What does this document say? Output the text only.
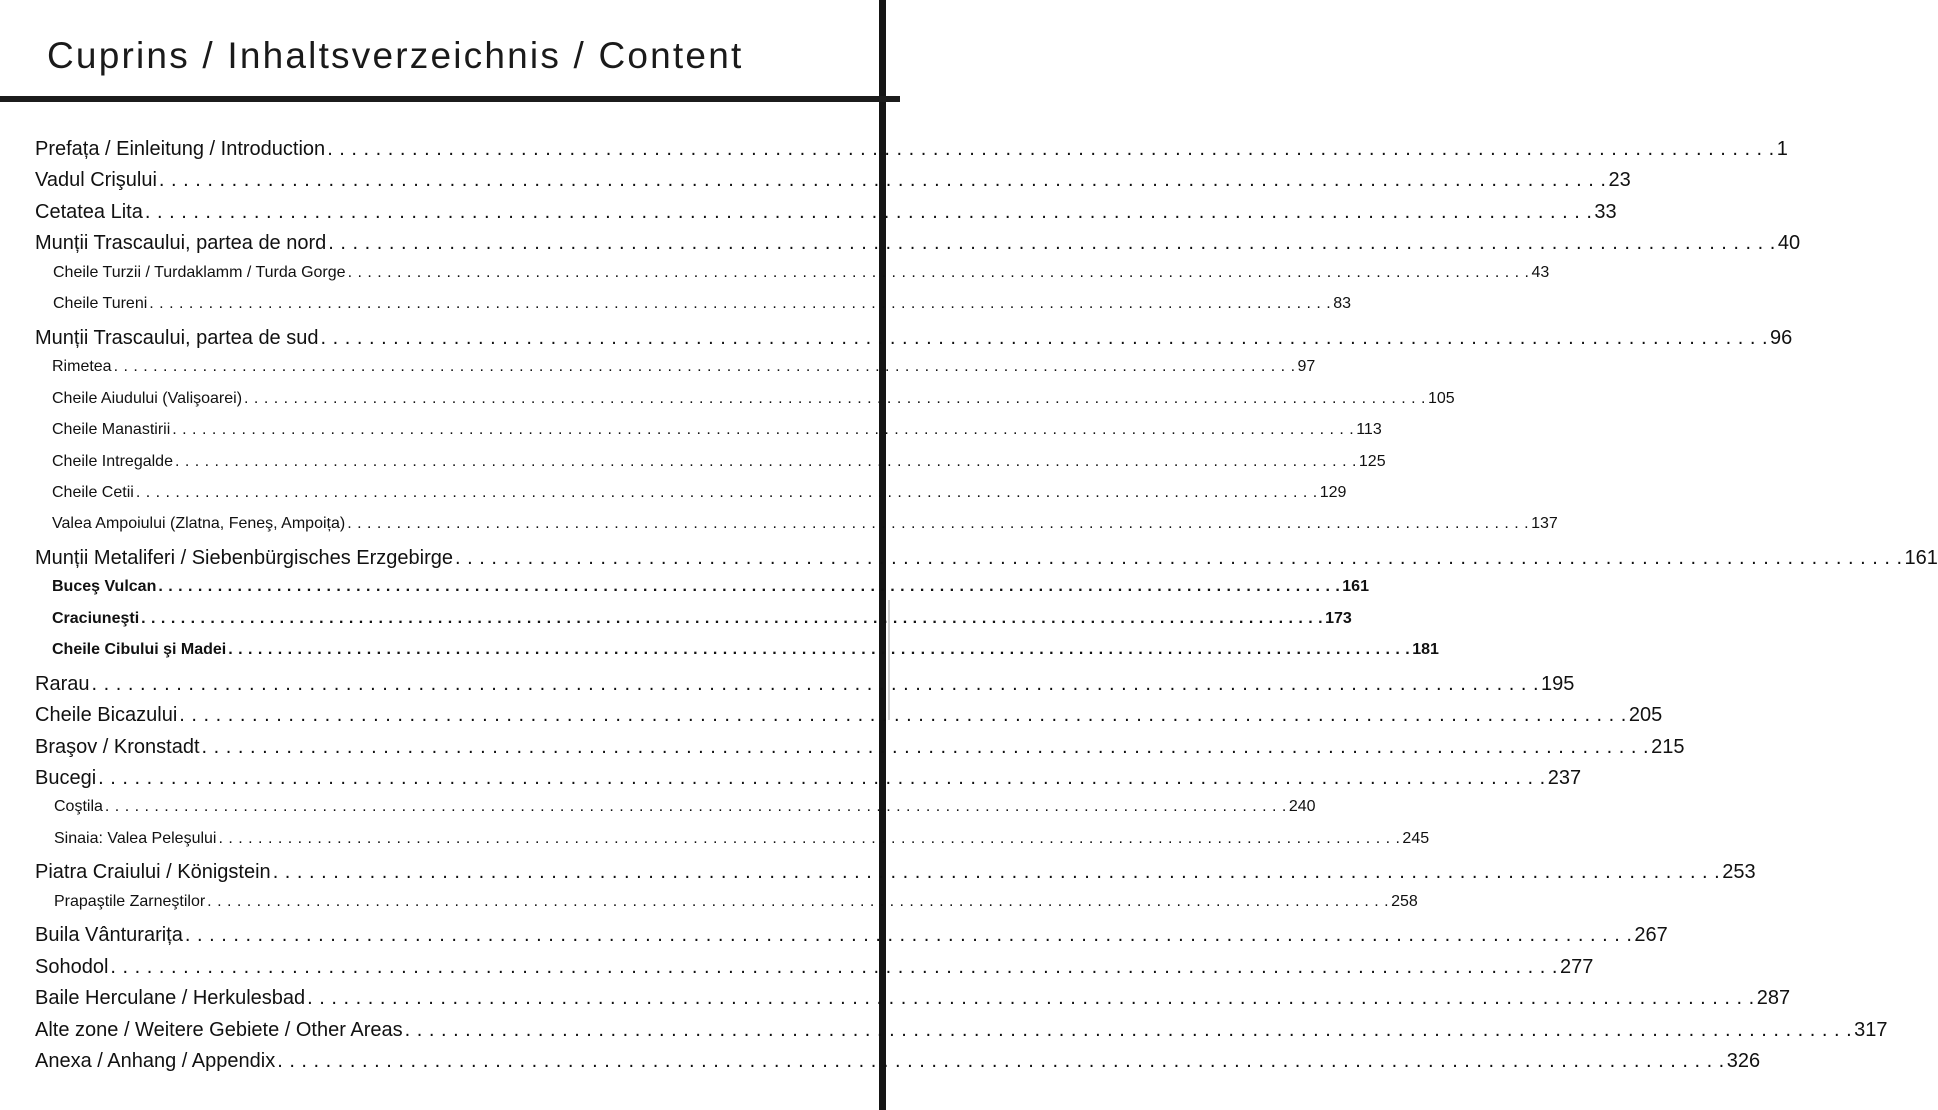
Cuprins / Inhaltsverzeichnis / Content
Prefața / Einleitung / Introduction . . . . . . . . . . . . . . . . . . . . . . . . . . . . . . . . . . . . . . . . . . . . . . . . . . . . . . . . . . . . . . . . . . . . . . . . . . . . . . . . . . . . . . . . . . . . . . . . . . . . . . . . . . . . . . . . . . . . . . . . 1
Vadul Crişului . . . . . . . . . . . . . . . . . . . . . . . . . . . . . . . . . . . . . . . . . . . . . . . . . . . . . . . . . . . . . . . . . . . . . . . . . . . . . . . . . . . . . . . . . . . . . . . . . . . . . . . . . . . . . . . . . . . . . . . . 23
Cetatea Lita . . . . . . . . . . . . . . . . . . . . . . . . . . . . . . . . . . . . . . . . . . . . . . . . . . . . . . . . . . . . . . . . . . . . . . . . . . . . . . . . . . . . . . . . . . . . . . . . . . . . . . . . . . . . . . . . . . . . . . . . 33
Munții Trascaului, partea de nord . . . . . . . . . . . . . . . . . . . . . . . . . . . . . . . . . . . . . . . . . . . . . . . . . . . . . . . . . . . . . . . . . . . . . . . . . . . . . . . . . . . . . . . . . . . . . . . . . . . . . . . . . . . . . . . . . . . . . . . . 40
Cheile Turzii / Turdaklamm / Turda Gorge . . . . . . . . . . . . . . . . . . . . . . . . . . . . . . . . . . . . . . . . . . . . . . . . . . . . . . . . . . . . . . . . . . . . . . . . . . . . . . . . . . . . . . . . . . . . . . . . . . . . . . . . . . . . . . . . . . . . . . . . 43
Cheile Tureni . . . . . . . . . . . . . . . . . . . . . . . . . . . . . . . . . . . . . . . . . . . . . . . . . . . . . . . . . . . . . . . . . . . . . . . . . . . . . . . . . . . . . . . . . . . . . . . . . . . . . . . . . . . . . . . . . . . . . . . . 83
Munții Trascaului, partea de sud . . . . . . . . . . . . . . . . . . . . . . . . . . . . . . . . . . . . . . . . . . . . . . . . . . . . . . . . . . . . . . . . . . . . . . . . . . . . . . . . . . . . . . . . . . . . . . . . . . . . . . . . . . . . . . . . . . . . . . . . 96
Rimetea . . . . . . . . . . . . . . . . . . . . . . . . . . . . . . . . . . . . . . . . . . . . . . . . . . . . . . . . . . . . . . . . . . . . . . . . . . . . . . . . . . . . . . . . . . . . . . . . . . . . . . . . . . . . . . . . . . . . . . . . 97
Cheile Aiudului (Valişoarei) . . . . . . . . . . . . . . . . . . . . . . . . . . . . . . . . . . . . . . . . . . . . . . . . . . . . . . . . . . . . . . . . . . . . . . . . . . . . . . . . . . . . . . . . . . . . . . . . . . . . . . . . . . . . . . . . . . . . . . . . 105
Cheile Manastirii . . . . . . . . . . . . . . . . . . . . . . . . . . . . . . . . . . . . . . . . . . . . . . . . . . . . . . . . . . . . . . . . . . . . . . . . . . . . . . . . . . . . . . . . . . . . . . . . . . . . . . . . . . . . . . . . . . . . . . . . 113
Cheile Intregalde . . . . . . . . . . . . . . . . . . . . . . . . . . . . . . . . . . . . . . . . . . . . . . . . . . . . . . . . . . . . . . . . . . . . . . . . . . . . . . . . . . . . . . . . . . . . . . . . . . . . . . . . . . . . . . . . . . . . . . . . 125
Cheile Cetii . . . . . . . . . . . . . . . . . . . . . . . . . . . . . . . . . . . . . . . . . . . . . . . . . . . . . . . . . . . . . . . . . . . . . . . . . . . . . . . . . . . . . . . . . . . . . . . . . . . . . . . . . . . . . . . . . . . . . . . . 129
Valea Ampoiului (Zlatna, Feneş, Ampoița) . . . . . . . . . . . . . . . . . . . . . . . . . . . . . . . . . . . . . . . . . . . . . . . . . . . . . . . . . . . . . . . . . . . . . . . . . . . . . . . . . . . . . . . . . . . . . . . . . . . . . . . . . . . . . . . . . . . . . . . . 137
Munții Metaliferi / Siebenbürgisches Erzgebirge . . . . . . . . . . . . . . . . . . . . . . . . . . . . . . . . . . . . . . . . . . . . . . . . . . . . . . . . . . . . . . . . . . . . . . . . . . . . . . . . . . . . . . . . . . . . . . . . . . . . . . . . . . . . . . . . . . . . . . . . 161
Buceş Vulcan . . . . . . . . . . . . . . . . . . . . . . . . . . . . . . . . . . . . . . . . . . . . . . . . . . . . . . . . . . . . . . . . . . . . . . . . . . . . . . . . . . . . . . . . . . . . . . . . . . . . . . . . . . . . . . . . . . . . . . . . 161
Craciuneşti . . . . . . . . . . . . . . . . . . . . . . . . . . . . . . . . . . . . . . . . . . . . . . . . . . . . . . . . . . . . . . . . . . . . . . . . . . . . . . . . . . . . . . . . . . . . . . . . . . . . . . . . . . . . . . . . . . . . . . . . 173
Cheile Cibului şi Madei . . . . . . . . . . . . . . . . . . . . . . . . . . . . . . . . . . . . . . . . . . . . . . . . . . . . . . . . . . . . . . . . . . . . . . . . . . . . . . . . . . . . . . . . . . . . . . . . . . . . . . . . . . . . . . . . . . . . . . . . 181
Rarau . . . . . . . . . . . . . . . . . . . . . . . . . . . . . . . . . . . . . . . . . . . . . . . . . . . . . . . . . . . . . . . . . . . . . . . . . . . . . . . . . . . . . . . . . . . . . . . . . . . . . . . . . . . . . . . . . . . . . . . . 195
Cheile Bicazului . . . . . . . . . . . . . . . . . . . . . . . . . . . . . . . . . . . . . . . . . . . . . . . . . . . . . . . . . . . . . . . . . . . . . . . . . . . . . . . . . . . . . . . . . . . . . . . . . . . . . . . . . . . . . . . . . . . . . . . . 205
Braşov / Kronstadt . . . . . . . . . . . . . . . . . . . . . . . . . . . . . . . . . . . . . . . . . . . . . . . . . . . . . . . . . . . . . . . . . . . . . . . . . . . . . . . . . . . . . . . . . . . . . . . . . . . . . . . . . . . . . . . . . . . . . . . . 215
Bucegi . . . . . . . . . . . . . . . . . . . . . . . . . . . . . . . . . . . . . . . . . . . . . . . . . . . . . . . . . . . . . . . . . . . . . . . . . . . . . . . . . . . . . . . . . . . . . . . . . . . . . . . . . . . . . . . . . . . . . . . . 237
Coştila . . . . . . . . . . . . . . . . . . . . . . . . . . . . . . . . . . . . . . . . . . . . . . . . . . . . . . . . . . . . . . . . . . . . . . . . . . . . . . . . . . . . . . . . . . . . . . . . . . . . . . . . . . . . . . . . . . . . . . . . 240
Sinaia: Valea Peleşului . . . . . . . . . . . . . . . . . . . . . . . . . . . . . . . . . . . . . . . . . . . . . . . . . . . . . . . . . . . . . . . . . . . . . . . . . . . . . . . . . . . . . . . . . . . . . . . . . . . . . . . . . . . . . . . . . . . . . . . . 245
Piatra Craiului / Königstein . . . . . . . . . . . . . . . . . . . . . . . . . . . . . . . . . . . . . . . . . . . . . . . . . . . . . . . . . . . . . . . . . . . . . . . . . . . . . . . . . . . . . . . . . . . . . . . . . . . . . . . . . . . . . . . . . . . . . . . . 253
Prapaştile Zarneştilor . . . . . . . . . . . . . . . . . . . . . . . . . . . . . . . . . . . . . . . . . . . . . . . . . . . . . . . . . . . . . . . . . . . . . . . . . . . . . . . . . . . . . . . . . . . . . . . . . . . . . . . . . . . . . . . . . . . . . . . . 258
Buila Vânturarița . . . . . . . . . . . . . . . . . . . . . . . . . . . . . . . . . . . . . . . . . . . . . . . . . . . . . . . . . . . . . . . . . . . . . . . . . . . . . . . . . . . . . . . . . . . . . . . . . . . . . . . . . . . . . . . . . . . . . . . . 267
Sohodol . . . . . . . . . . . . . . . . . . . . . . . . . . . . . . . . . . . . . . . . . . . . . . . . . . . . . . . . . . . . . . . . . . . . . . . . . . . . . . . . . . . . . . . . . . . . . . . . . . . . . . . . . . . . . . . . . . . . . . . . 277
Baile Herculane / Herkulesbad . . . . . . . . . . . . . . . . . . . . . . . . . . . . . . . . . . . . . . . . . . . . . . . . . . . . . . . . . . . . . . . . . . . . . . . . . . . . . . . . . . . . . . . . . . . . . . . . . . . . . . . . . . . . . . . . . . . . . . . . 287
Alte zone / Weitere Gebiete / Other Areas . . . . . . . . . . . . . . . . . . . . . . . . . . . . . . . . . . . . . . . . . . . . . . . . . . . . . . . . . . . . . . . . . . . . . . . . . . . . . . . . . . . . . . . . . . . . . . . . . . . . . . . . . . . . . . . . . . . . . . . . 317
Anexa / Anhang / Appendix . . . . . . . . . . . . . . . . . . . . . . . . . . . . . . . . . . . . . . . . . . . . . . . . . . . . . . . . . . . . . . . . . . . . . . . . . . . . . . . . . . . . . . . . . . . . . . . . . . . . . . . . . . . . . . . . . . . . . . . . 326
